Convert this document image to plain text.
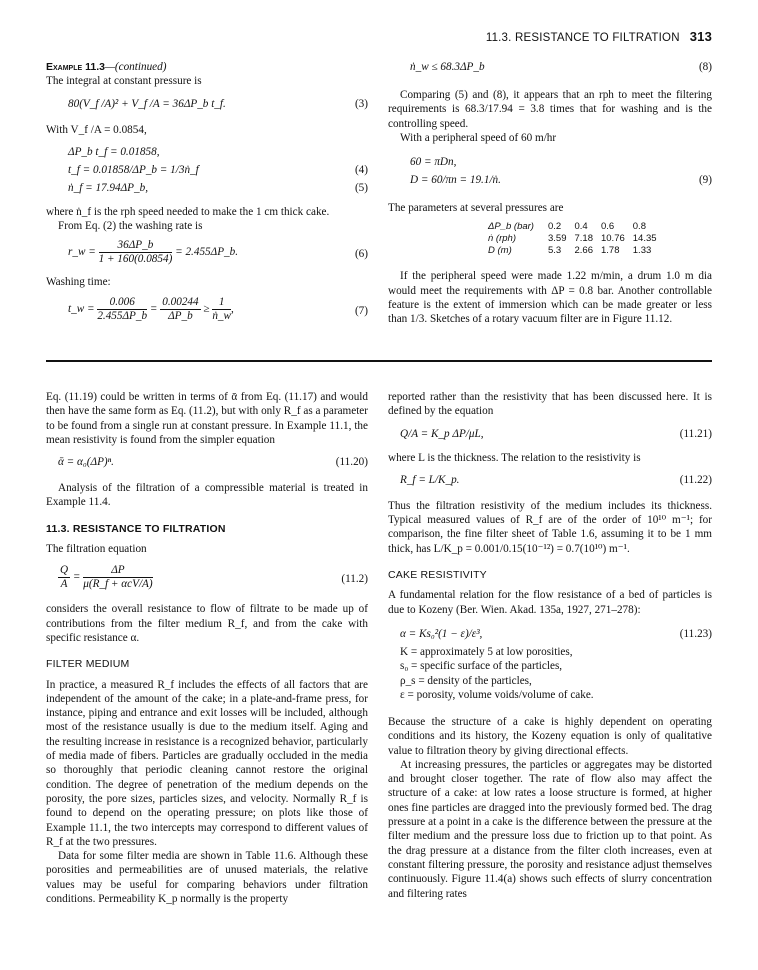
11.3. RESISTANCE TO FILTRATION 313

Example 11.3—(continued)

The integral at constant pressure is

80(V_f /A)² + V_f /A = 36ΔP_b t_f.	(3)

With V_f /A = 0.0854,

ΔP_b t_f = 0.01858,
t_f = 0.01858/ΔP_b = 1/3ṅ_f	(4)
ṅ_f = 17.94ΔP_b,	(5)

where ṅ_f is the rph speed needed to make the 1 cm thick cake.

From Eq. (2) the washing rate is

r_w = $\frac{36\Delta P\_b}{1 + 160(0.0854)}$ = 2.455ΔP_b.	(6)

Washing time:

t_w = $\frac{0.006}{2.455\Delta P\_b} = \frac{0.00244}{\Delta P\_b} \ge \frac{1}{\text{ṅ\_w}}$ ,	(7)
ṅ_w ≤ 68.3ΔP_b	(8)

Comparing (5) and (8), it appears that an rph to meet the filtering requirements is 68.3/17.94 = 3.8 times that for washing and is the controlling speed.

With a peripheral speed of 60 m/hr

60 = πDn,
D = 60/πn = 19.1/ṅ.	(9)

The parameters at several pressures are

ΔP_b (bar)	0.2	0.4	0.6	0.8
ṅ (rph)	3.59	7.18	10.76	14.35
D (m)	5.3	2.66	1.78	1.33

If the peripheral speed were made 1.22 m/min, a drum 1.0 m dia would meet the requirements with ΔP = 0.8 bar. Another controllable feature is the extent of immersion which can be made greater or less than 1/3. Sketches of a rotary vacuum filter are in Figure 11.12.

Eq. (11.19) could be written in terms of ᾱ from Eq. (11.17) and would then have the same form as Eq. (11.2), but with only R_f as a parameter to be found from a single run at constant pressure. In Example 11.1, the mean resistivity is found from the simpler equation

ᾱ = α₀(ΔP)ⁿ.	(11.20)

Analysis of the filtration of a compressible material is treated in Example 11.4.

11.3. RESISTANCE TO FILTRATION

The filtration equation

$\frac{Q}{A} = \frac{\Delta P}{\text{μ(R\_f + αcV/A)}}$	(11.2)

considers the overall resistance to flow of filtrate to be made up of contributions from the filter medium R_f, and from the cake with specific resistance α.

FILTER MEDIUM

In practice, a measured R_f includes the effects of all factors that are independent of the amount of the cake; in a plate-and-frame press, for instance, piping and entrance and exit losses will be included, although most of the resistance usually is due to the medium itself. Aging and the resulting increase in resistance is a recognized behavior, particularly of media made of fibers. Particles are gradually occluded in the media so thoroughly that periodic cleaning cannot restore the original condition. The degree of penetration of the medium depends on the porosity, the pore sizes, particles sizes, and velocity. Normally R_f is found to depend on the operating pressure; on plots like those of Example 11.1, the two intercepts may correspond to different values of R_f at the two pressures.

Data for some filter media are shown in Table 11.6. Although these porosities and permeabilities are of unused materials, the relative values may be useful for comparing behaviors under filtration conditions. Permeability K_p normally is the property

reported rather than the resistivity that has been discussed here. It is defined by the equation

Q/A = K_p ΔP/μL,	(11.21)

where L is the thickness. The relation to the resistivity is

R_f = L/K_p.	(11.22)

Thus the filtration resistivity of the medium includes its thickness. Typical measured values of R_f are of the order of 10¹⁰ m⁻¹; for comparison, the fine filter sheet of Table 1.6, assuming it to be 1 mm thick, has L/K_p = 0.001/0.15(10⁻¹²) = 0.7(10¹⁰) m⁻¹.

CAKE RESISTIVITY

A fundamental relation for the flow resistance of a bed of particles is due to Kozeny (Ber. Wien. Akad. 135a, 1927, 271–278):

α = Ks₀²(1 − ε)/ε³,	(11.23)
K = approximately 5 at low porosities,
s₀ = specific surface of the particles,
ρ_s = density of the particles,
ε = porosity, volume voids/volume of cake.

Because the structure of a cake is highly dependent on operating conditions and its history, the Kozeny equation is only of qualitative value to filtration theory by giving directional effects.

At increasing pressures, the particles or aggregates may be distorted and brought closer together. The rate of flow also may affect the structure of a cake: at low rates a loose structure is formed, at higher ones fine particles are dragged into the previously formed bed. The drag pressure at a point in a cake is the difference between the pressure at the filter medium and the pressure loss due to friction up to that point. As the drag pressure at a distance from the filter cloth increases, even at constant filtering pressure, the porosity and resistance adjust themselves continuously. Figure 11.4(a) shows such effects of slurry concentration and filtering rates
